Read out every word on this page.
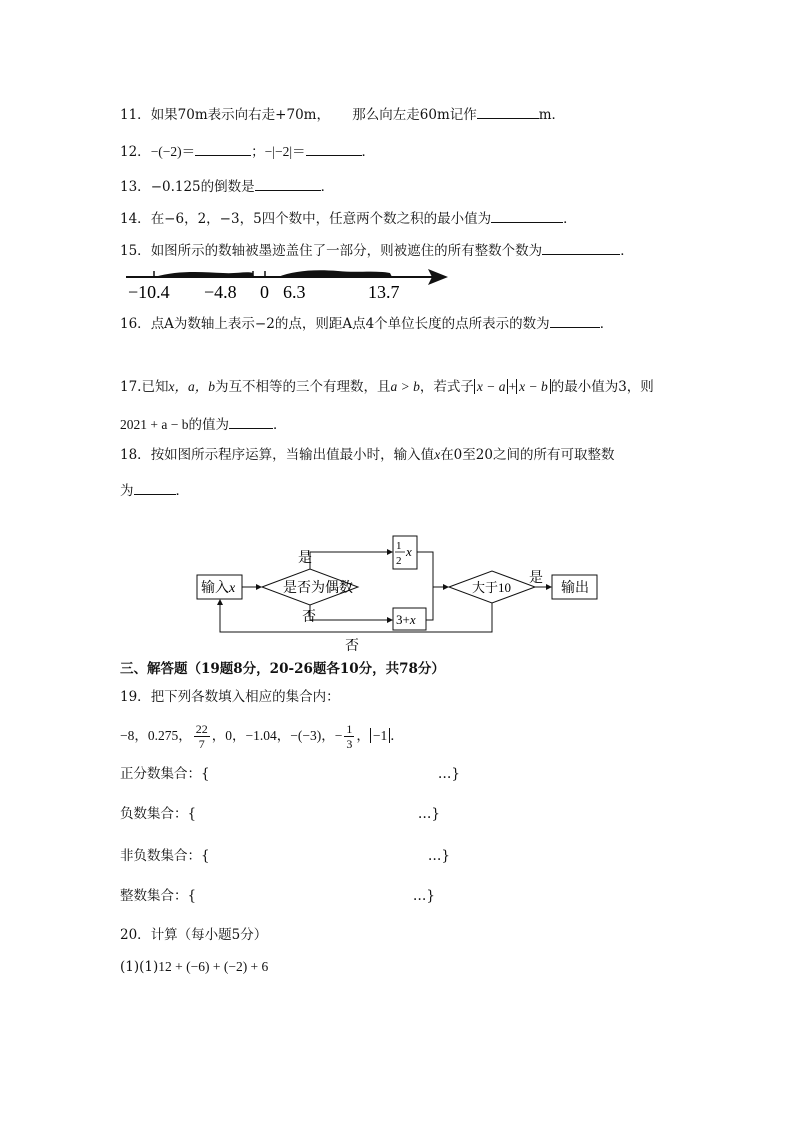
11．如果70m表示向右走+70m， 那么向左走60m记作	m．
12．−(−2)＝	；−|−2|＝	．
13．−0.125的倒数是	．
14．在−6，2，−3，5四个数中，任意两个数之积的最小值为	．
15．如图所示的数轴被墨迹盖住了一部分，则被遮住的所有整数个数为	．
−10.4 −4.8 0 6.3	13.7
16．点A为数轴上表示−2的点，则距A点4个单位长度的点所表示的数为	．
17.已知x，a，b为互不相等的三个有理数，且a > b，若式子 x − a + x − b 的最小值为3，则
2021 + a − b的值为	．
18．按如图所示程序运算，当输出值最小时，输入值x在0至20之间的所有可取整数
为	．
输入x	是否为偶数
是
1
2
x
否	3+x
大于10
是
输出
否
三、解答题（19题8分，20-26题各10分，共78分）
19．把下列各数填入相应的集合内：
−8，0.275， $\frac{22}{7}$ ，0，−1.04，−(−3)，− $\frac{1}{3}$ ， −1 ．
正分数集合：{	…}
负数集合：{	…}
非负数集合：{	…}
整数集合：{	…}
20．计算（每小题5分）
(1)(1)12 + (−6) + (−2) + 6
